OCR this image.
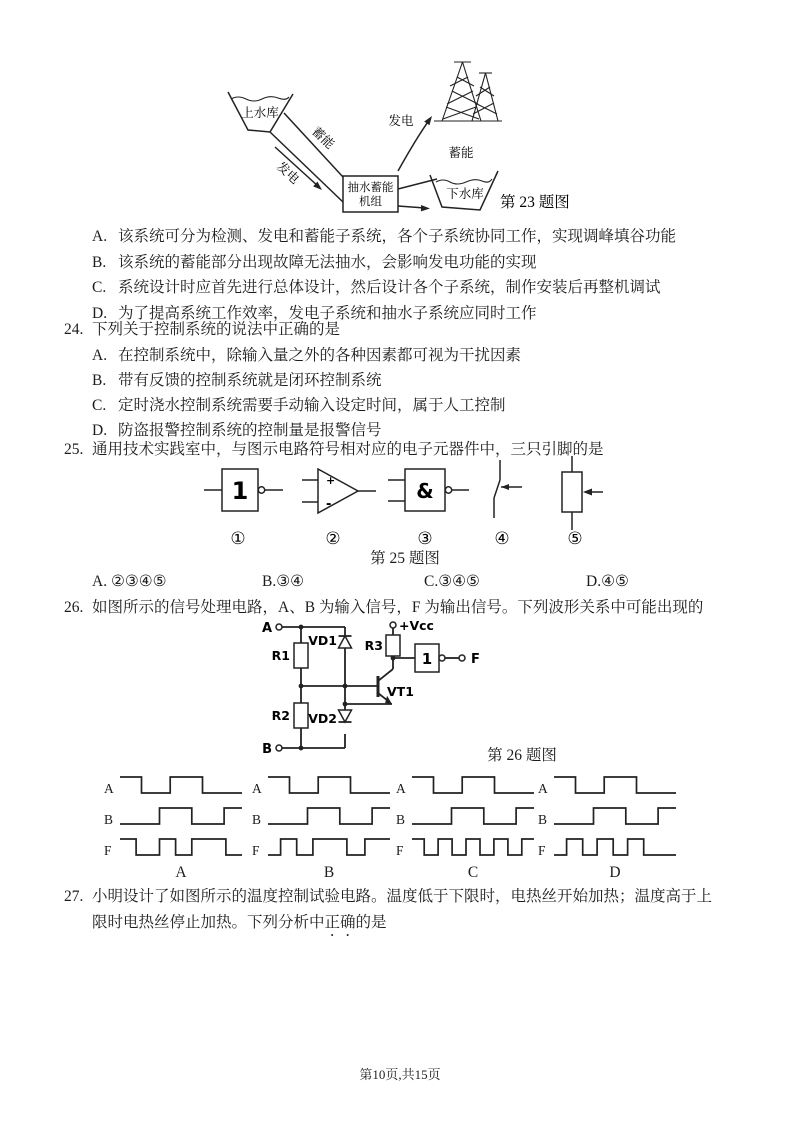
上水库
蓄能
发电
抽水蓄能
机组
下水库
发电
蓄能
第 23 题图
A. 该系统可分为检测、发电和蓄能子系统，各个子系统协同工作，实现调峰填谷功能
B. 该系统的蓄能部分出现故障无法抽水，会影响发电功能的实现
C. 系统设计时应首先进行总体设计，然后设计各个子系统，制作安装后再整机调试
D. 为了提高系统工作效率，发电子系统和抽水子系统应同时工作
24. 下列关于控制系统的说法中正确的是
A. 在控制系统中，除输入量之外的各种因素都可视为干扰因素
B. 带有反馈的控制系统就是闭环控制系统
C. 定时浇水控制系统需要手动输入设定时间，属于人工控制
D. 防盗报警控制系统的控制量是报警信号
25. 通用技术实践室中，与图示电路符号相对应的电子元器件中，三只引脚的是
1	+
-
&
①	②	③	④	⑤
第 25 题图
A. ②③④⑤	B.③④	C.③④⑤	D.④⑤
26. 如图所示的信号处理电路，A、B 为输入信号，F 为输出信号。下列波形关系中可能出现的
A
B
+Vcc
F
R1
R2
R3
VD1
VD2
VT1
1
第 26 题图
A
B
F
A
A
B
F
B
A
B
F
C
A
B
F
D
27. 小明设计了如图所示的温度控制试验电路。温度低于下限时，电热丝开始加热；温度高于上
限时电热丝停止加热。下列分析中正确的是
第10页,共15页
